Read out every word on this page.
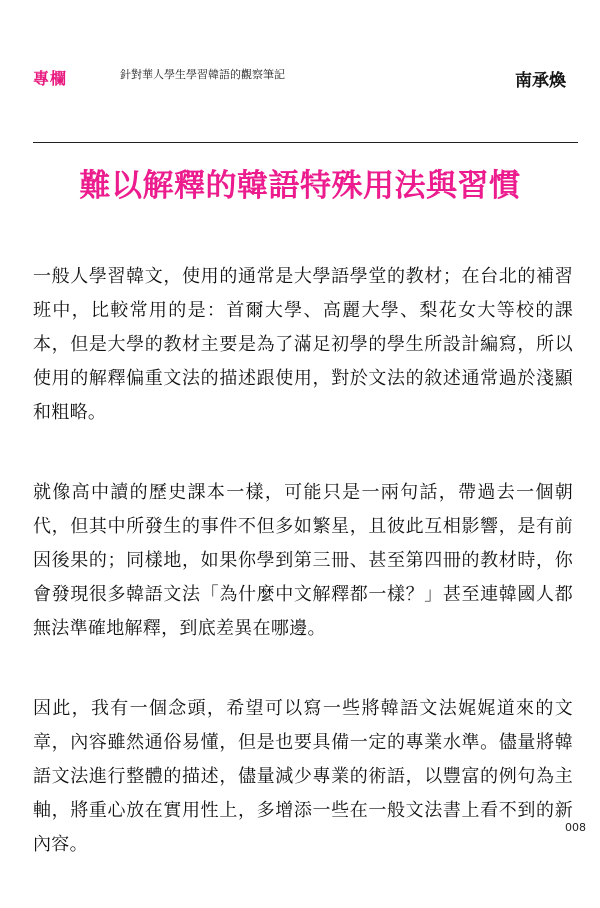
專欄	針對華人學生學習韓語的觀察筆記	南承煥
難以解釋的韓語特殊用法與習慣

一般人學習韓文，使用的通常是大學語學堂的教材；在台北的補習班中，比較常用的是：首爾大學、高麗大學、梨花女大等校的課本，但是大學的教材主要是為了滿足初學的學生所設計編寫，所以使用的解釋偏重文法的描述跟使用，對於文法的敘述通常過於淺顯和粗略。

就像高中讀的歷史課本一樣，可能只是一兩句話，帶過去一個朝代，但其中所發生的事件不但多如繁星，且彼此互相影響，是有前因後果的；同樣地，如果你學到第三冊、甚至第四冊的教材時，你會發現很多韓語文法「為什麼中文解釋都一樣？」甚至連韓國人都無法準確地解釋，到底差異在哪邊。

因此，我有一個念頭，希望可以寫一些將韓語文法娓娓道來的文章，內容雖然通俗易懂，但是也要具備一定的專業水準。儘量將韓語文法進行整體的描述，儘量減少專業的術語，以豐富的例句為主軸，將重心放在實用性上，多增添一些在一般文法書上看不到的新內容。

008
